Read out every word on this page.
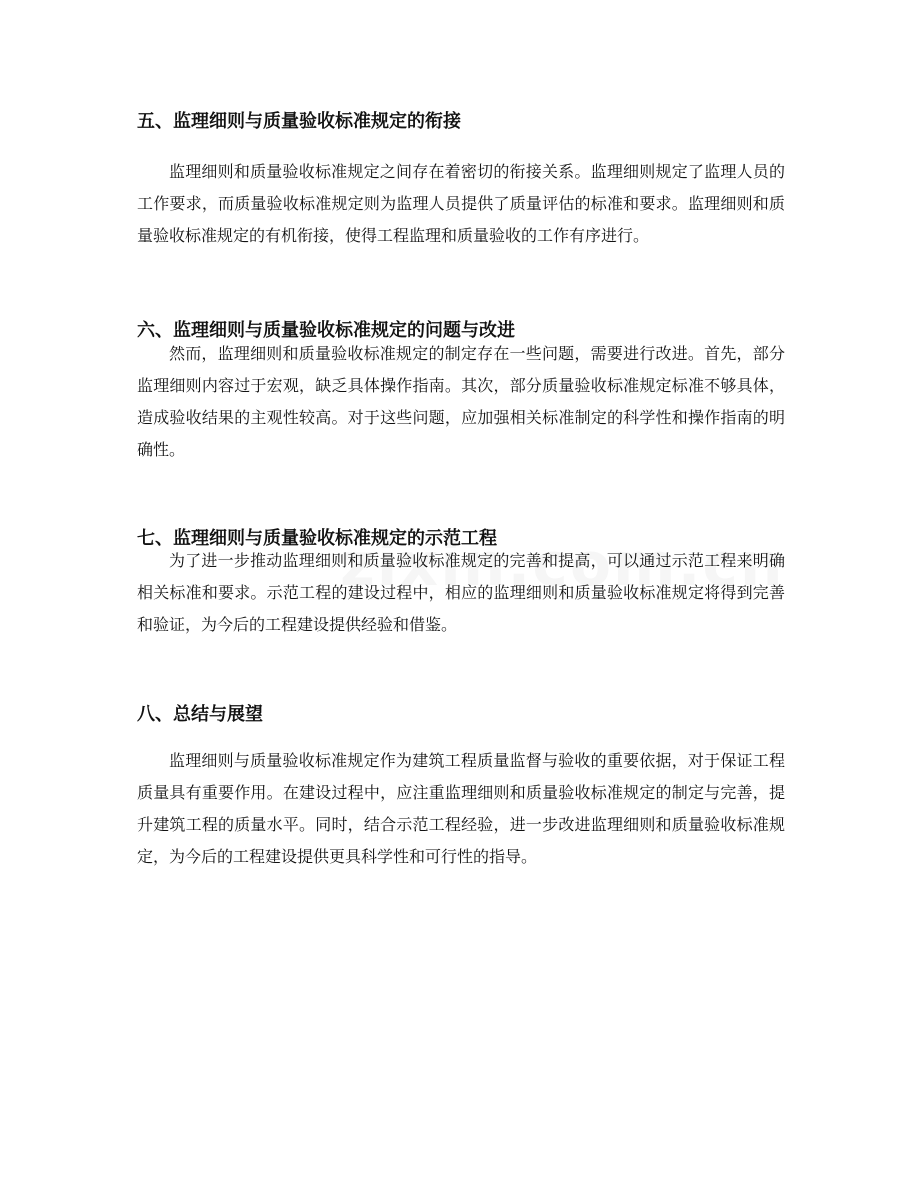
五、监理细则与质量验收标准规定的衔接

监理细则和质量验收标准规定之间存在着密切的衔接关系。监理细则规定了监理人员的工作要求，而质量验收标准规定则为监理人员提供了质量评估的标准和要求。监理细则和质量验收标准规定的有机衔接，使得工程监理和质量验收的工作有序进行。

六、监理细则与质量验收标准规定的问题与改进

然而，监理细则和质量验收标准规定的制定存在一些问题，需要进行改进。首先，部分监理细则内容过于宏观，缺乏具体操作指南。其次，部分质量验收标准规定标准不够具体，造成验收结果的主观性较高。对于这些问题，应加强相关标准制定的科学性和操作指南的明确性。

七、监理细则与质量验收标准规定的示范工程

为了进一步推动监理细则和质量验收标准规定的完善和提高，可以通过示范工程来明确相关标准和要求。示范工程的建设过程中，相应的监理细则和质量验收标准规定将得到完善和验证，为今后的工程建设提供经验和借鉴。

八、总结与展望

监理细则与质量验收标准规定作为建筑工程质量监督与验收的重要依据，对于保证工程质量具有重要作用。在建设过程中，应注重监理细则和质量验收标准规定的制定与完善，提升建筑工程的质量水平。同时，结合示范工程经验，进一步改进监理细则和质量验收标准规定，为今后的工程建设提供更具科学性和可行性的指导。
